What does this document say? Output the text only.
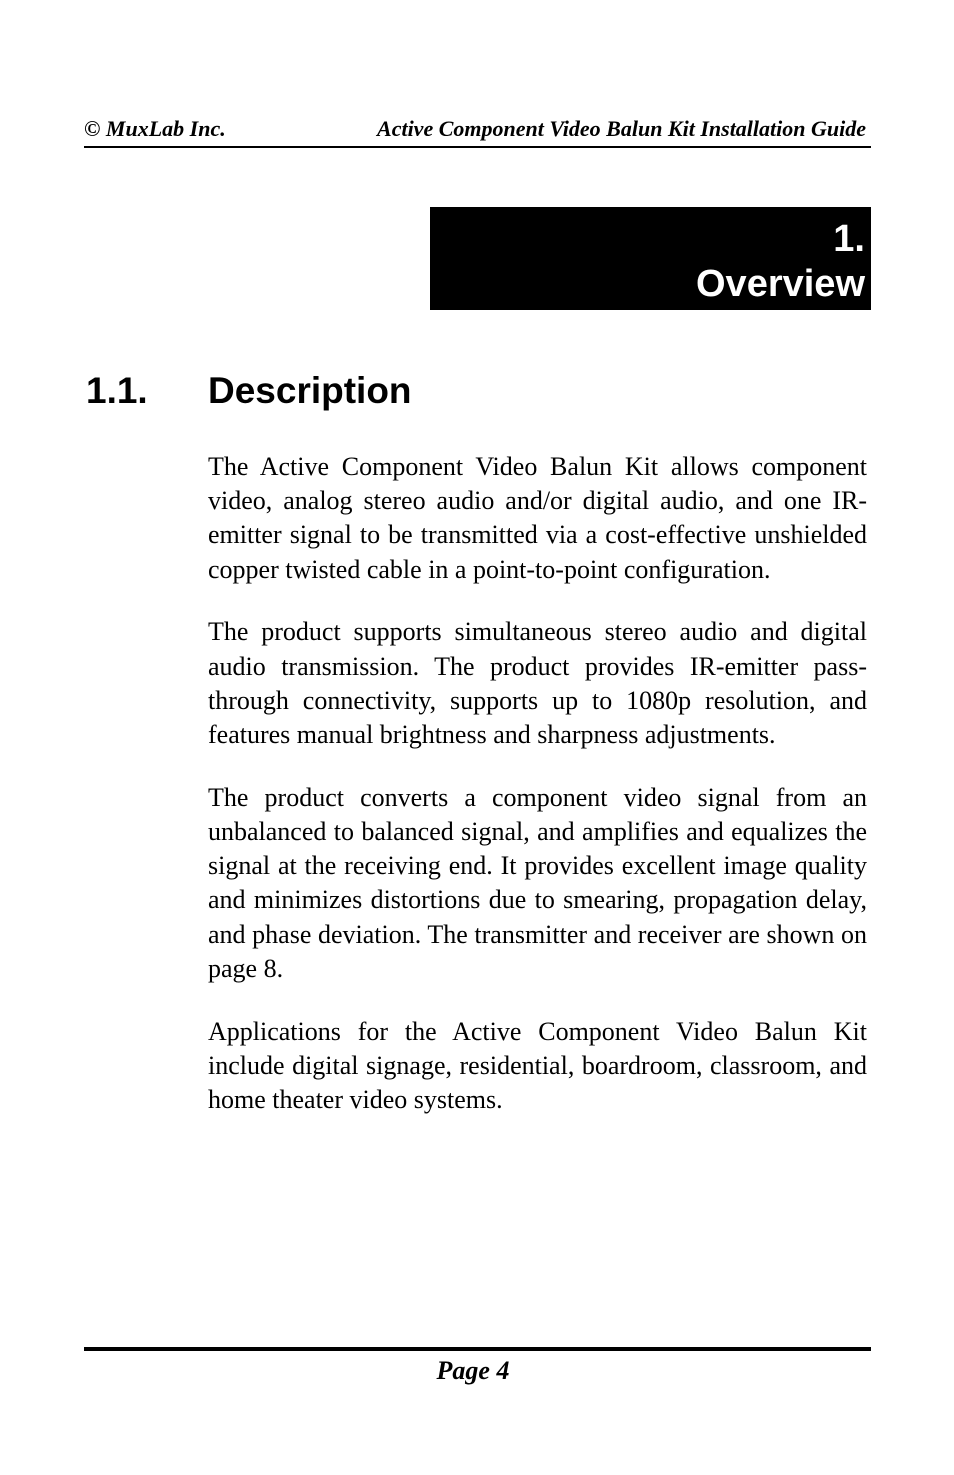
© MuxLab Inc.	Active Component Video Balun Kit Installation Guide
1.
Overview
1.1. Description

The Active Component Video Balun Kit allows component video, analog stereo audio and/or digital audio, and one IR-emitter signal to be transmitted via a cost-effective unshielded copper twisted cable in a point-to-point configuration.

The product supports simultaneous stereo audio and digital audio transmission. The product provides IR-emitter pass-through connectivity, supports up to 1080p resolution, and features manual brightness and sharpness adjustments.

The product converts a component video signal from an unbalanced to balanced signal, and amplifies and equalizes the signal at the receiving end. It provides excellent image quality and minimizes distortions due to smearing, propagation delay, and phase deviation. The transmitter and receiver are shown on page 8.

Applications for the Active Component Video Balun Kit include digital signage, residential, boardroom, classroom, and home theater video systems.

Page 4
